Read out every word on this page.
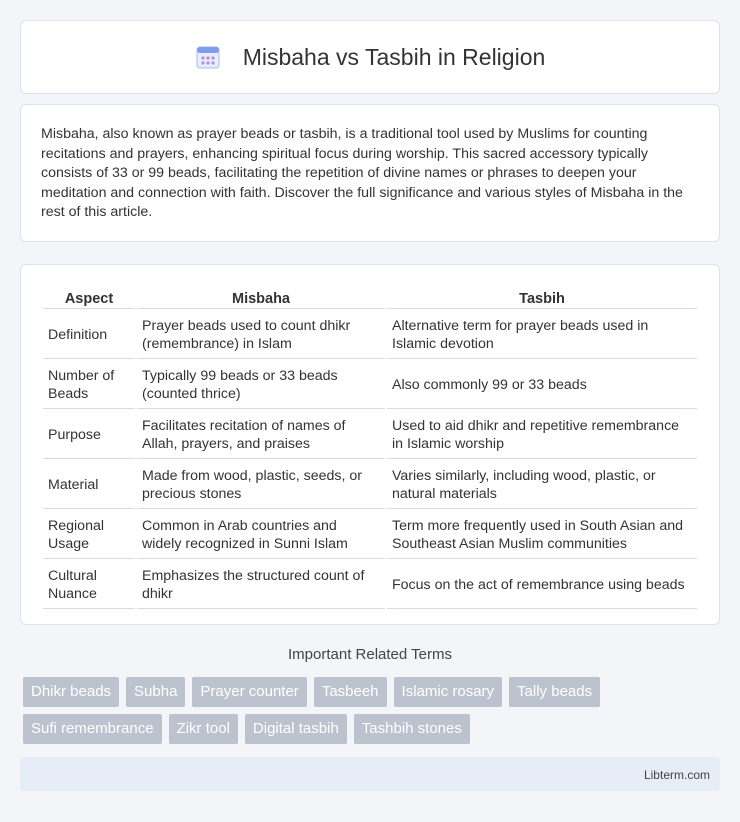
Misbaha vs Tasbih in Religion

Misbaha, also known as prayer beads or tasbih, is a traditional tool used by Muslims for counting recitations and prayers, enhancing spiritual focus during worship. This sacred accessory typically consists of 33 or 99 beads, facilitating the repetition of divine names or phrases to deepen your meditation and connection with faith. Discover the full significance and various styles of Misbaha in the rest of this article.

Aspect	Misbaha	Tasbih
Definition	Prayer beads used to count dhikr (remembrance) in Islam	Alternative term for prayer beads used in Islamic devotion
Number of Beads	Typically 99 beads or 33 beads (counted thrice)	Also commonly 99 or 33 beads
Purpose	Facilitates recitation of names of Allah, prayers, and praises	Used to aid dhikr and repetitive remembrance in Islamic worship
Material	Made from wood, plastic, seeds, or precious stones	Varies similarly, including wood, plastic, or natural materials
Regional Usage	Common in Arab countries and widely recognized in Sunni Islam	Term more frequently used in South Asian and Southeast Asian Muslim communities
Cultural Nuance	Emphasizes the structured count of dhikr	Focus on the act of remembrance using beads
Important Related Terms
Dhikr beads	Subha	Prayer counter	Tasbeeh	Islamic rosary	Tally beads
Sufi remembrance	Zikr tool	Digital tasbih	Tashbih stones
Libterm.com
